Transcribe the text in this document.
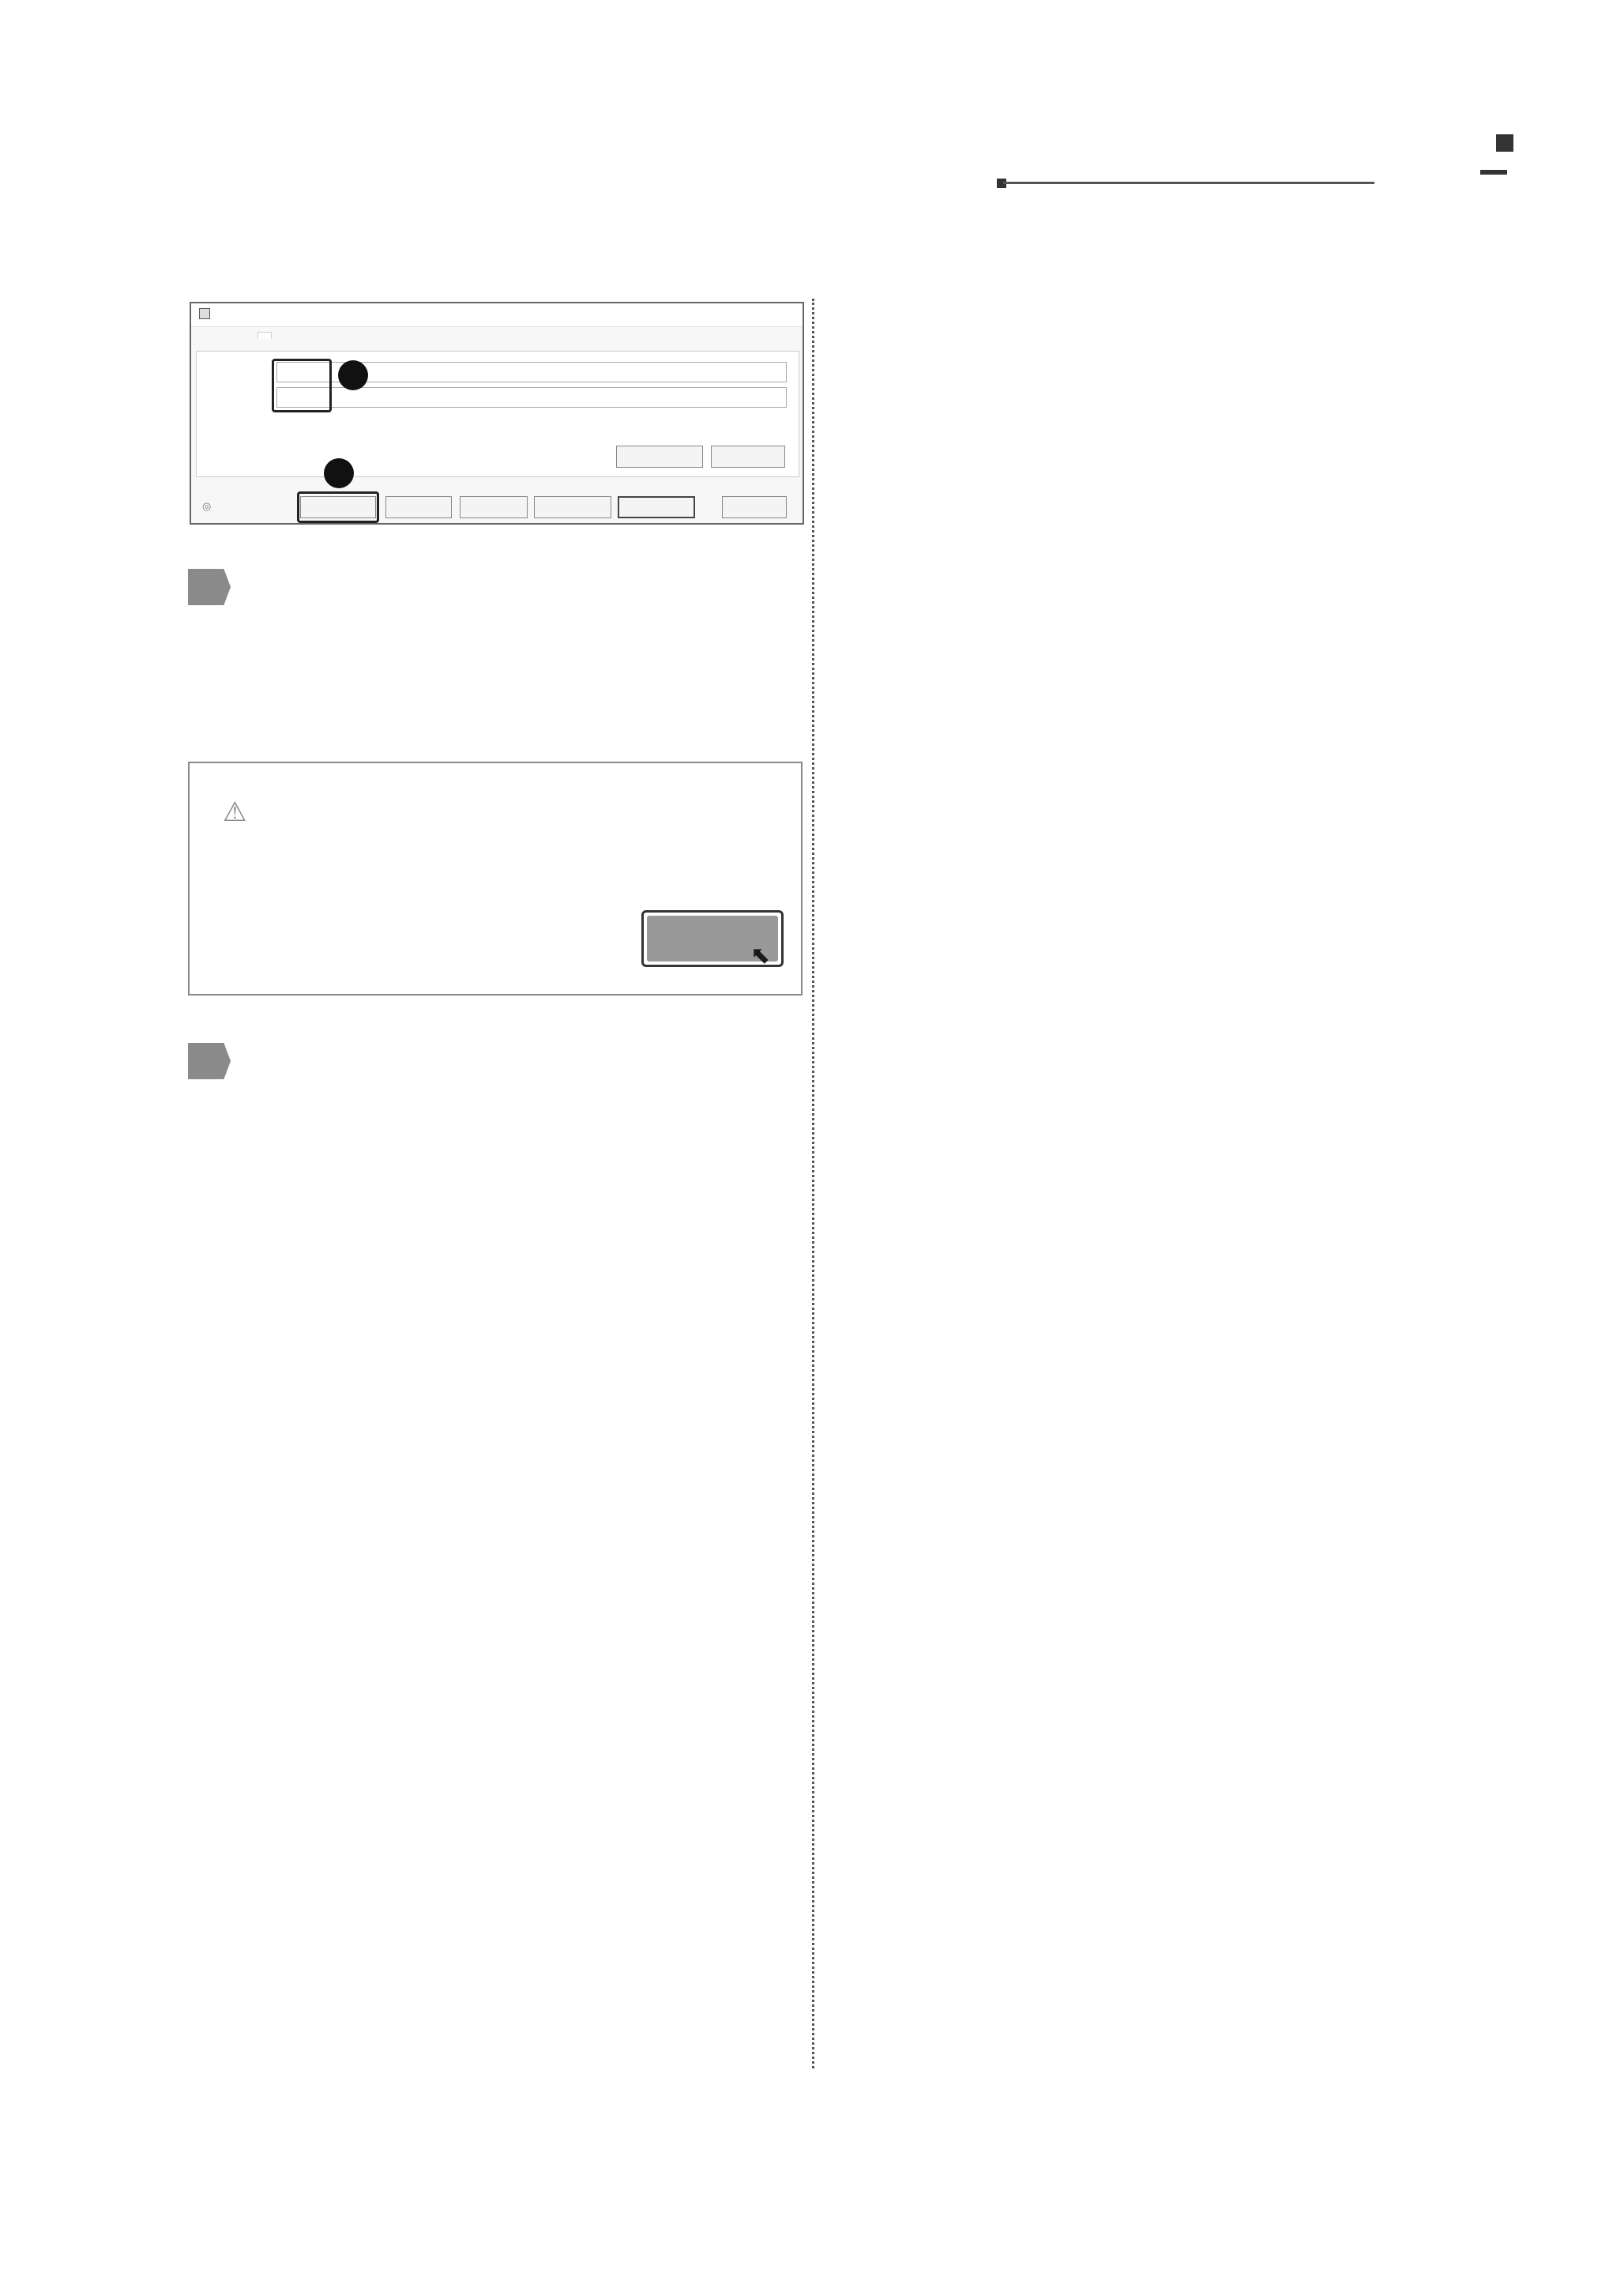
◎
⚠
⬉
